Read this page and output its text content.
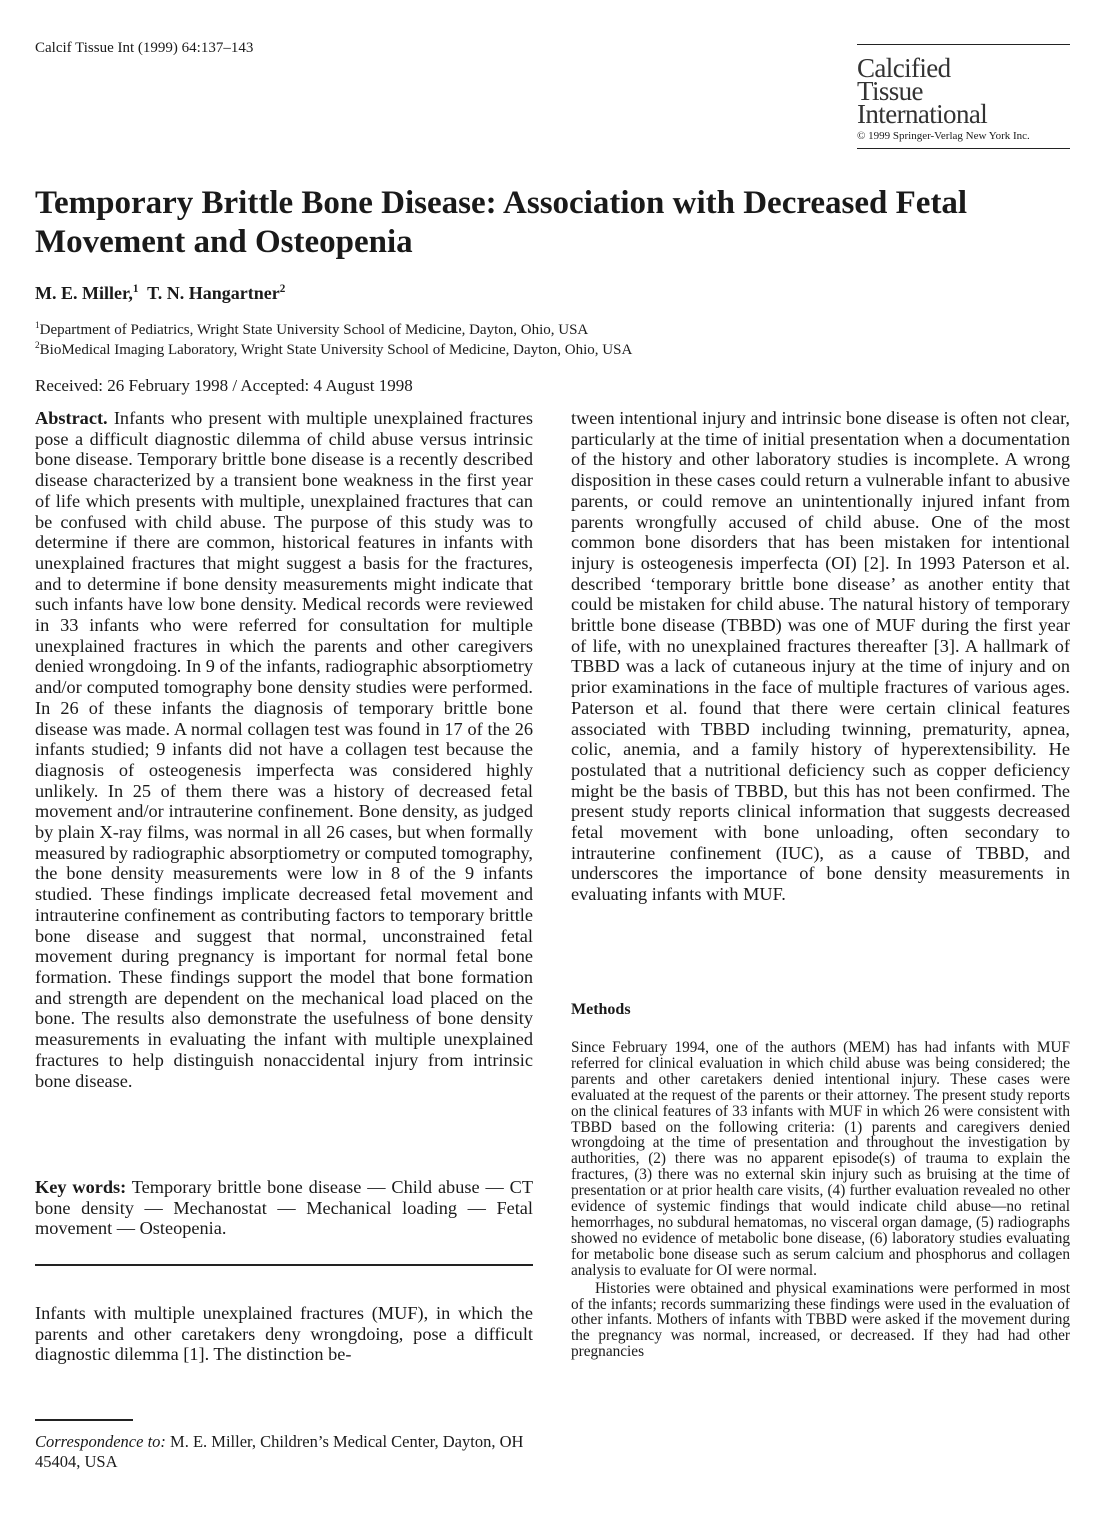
Calcif Tissue Int (1999) 64:137–143
Calcified
Tissue
International
© 1999 Springer-Verlag New York Inc.
Temporary Brittle Bone Disease: Association with Decreased Fetal Movement and Osteopenia
M. E. Miller,$^1$ T. N. Hangartner$^2$
$^1$Department of Pediatrics, Wright State University School of Medicine, Dayton, Ohio, USA
$^2$BioMedical Imaging Laboratory, Wright State University School of Medicine, Dayton, Ohio, USA
Received: 26 February 1998 / Accepted: 4 August 1998
Abstract. Infants who present with multiple unexplained fractures pose a difficult diagnostic dilemma of child abuse versus intrinsic bone disease. Temporary brittle bone disease is a recently described disease characterized by a transient bone weakness in the first year of life which presents with multiple, unexplained fractures that can be confused with child abuse. The purpose of this study was to determine if there are common, historical features in infants with unexplained fractures that might suggest a basis for the fractures, and to determine if bone density measurements might indicate that such infants have low bone density. Medical records were reviewed in 33 infants who were referred for consultation for multiple unexplained fractures in which the parents and other caregivers denied wrongdoing. In 9 of the infants, radiographic absorptiometry and/or computed tomography bone density studies were performed. In 26 of these infants the diagnosis of temporary brittle bone disease was made. A normal collagen test was found in 17 of the 26 infants studied; 9 infants did not have a collagen test because the diagnosis of osteogenesis imperfecta was considered highly unlikely. In 25 of them there was a history of decreased fetal movement and/or intrauterine confinement. Bone density, as judged by plain X-ray films, was normal in all 26 cases, but when formally measured by radiographic absorptiometry or computed tomography, the bone density measurements were low in 8 of the 9 infants studied. These findings implicate decreased fetal movement and intrauterine confinement as contributing factors to temporary brittle bone disease and suggest that normal, unconstrained fetal movement during pregnancy is important for normal fetal bone formation. These findings support the model that bone formation and strength are dependent on the mechanical load placed on the bone. The results also demonstrate the usefulness of bone density measurements in evaluating the infant with multiple unexplained fractures to help distinguish nonaccidental injury from intrinsic bone disease.
Key words: Temporary brittle bone disease — Child abuse — CT bone density — Mechanostat — Mechanical loading — Fetal movement — Osteopenia.
Infants with multiple unexplained fractures (MUF), in which the parents and other caretakers deny wrongdoing, pose a difficult diagnostic dilemma [1]. The distinction be-
Correspondence to: M. E. Miller, Children’s Medical Center, Dayton, OH 45404, USA
tween intentional injury and intrinsic bone disease is often not clear, particularly at the time of initial presentation when a documentation of the history and other laboratory studies is incomplete. A wrong disposition in these cases could return a vulnerable infant to abusive parents, or could remove an unintentionally injured infant from parents wrongfully accused of child abuse. One of the most common bone disorders that has been mistaken for intentional injury is osteogenesis imperfecta (OI) [2]. In 1993 Paterson et al. described ‘temporary brittle bone disease’ as another entity that could be mistaken for child abuse. The natural history of temporary brittle bone disease (TBBD) was one of MUF during the first year of life, with no unexplained fractures thereafter [3]. A hallmark of TBBD was a lack of cutaneous injury at the time of injury and on prior examinations in the face of multiple fractures of various ages. Paterson et al. found that there were certain clinical features associated with TBBD including twinning, prematurity, apnea, colic, anemia, and a family history of hyperextensibility. He postulated that a nutritional deficiency such as copper deficiency might be the basis of TBBD, but this has not been confirmed. The present study reports clinical information that suggests decreased fetal movement with bone unloading, often secondary to intrauterine confinement (IUC), as a cause of TBBD, and underscores the importance of bone density measurements in evaluating infants with MUF.
Methods

Since February 1994, one of the authors (MEM) has had infants with MUF referred for clinical evaluation in which child abuse was being considered; the parents and other caretakers denied intentional injury. These cases were evaluated at the request of the parents or their attorney. The present study reports on the clinical features of 33 infants with MUF in which 26 were consistent with TBBD based on the following criteria: (1) parents and caregivers denied wrongdoing at the time of presentation and throughout the investigation by authorities, (2) there was no apparent episode(s) of trauma to explain the fractures, (3) there was no external skin injury such as bruising at the time of presentation or at prior health care visits, (4) further evaluation revealed no other evidence of systemic findings that would indicate child abuse—no retinal hemorrhages, no subdural hematomas, no visceral organ damage, (5) radiographs showed no evidence of metabolic bone disease, (6) laboratory studies evaluating for metabolic bone disease such as serum calcium and phosphorus and collagen analysis to evaluate for OI were normal.

Histories were obtained and physical examinations were performed in most of the infants; records summarizing these findings were used in the evaluation of other infants. Mothers of infants with TBBD were asked if the movement during the pregnancy was normal, increased, or decreased. If they had had other pregnancies
